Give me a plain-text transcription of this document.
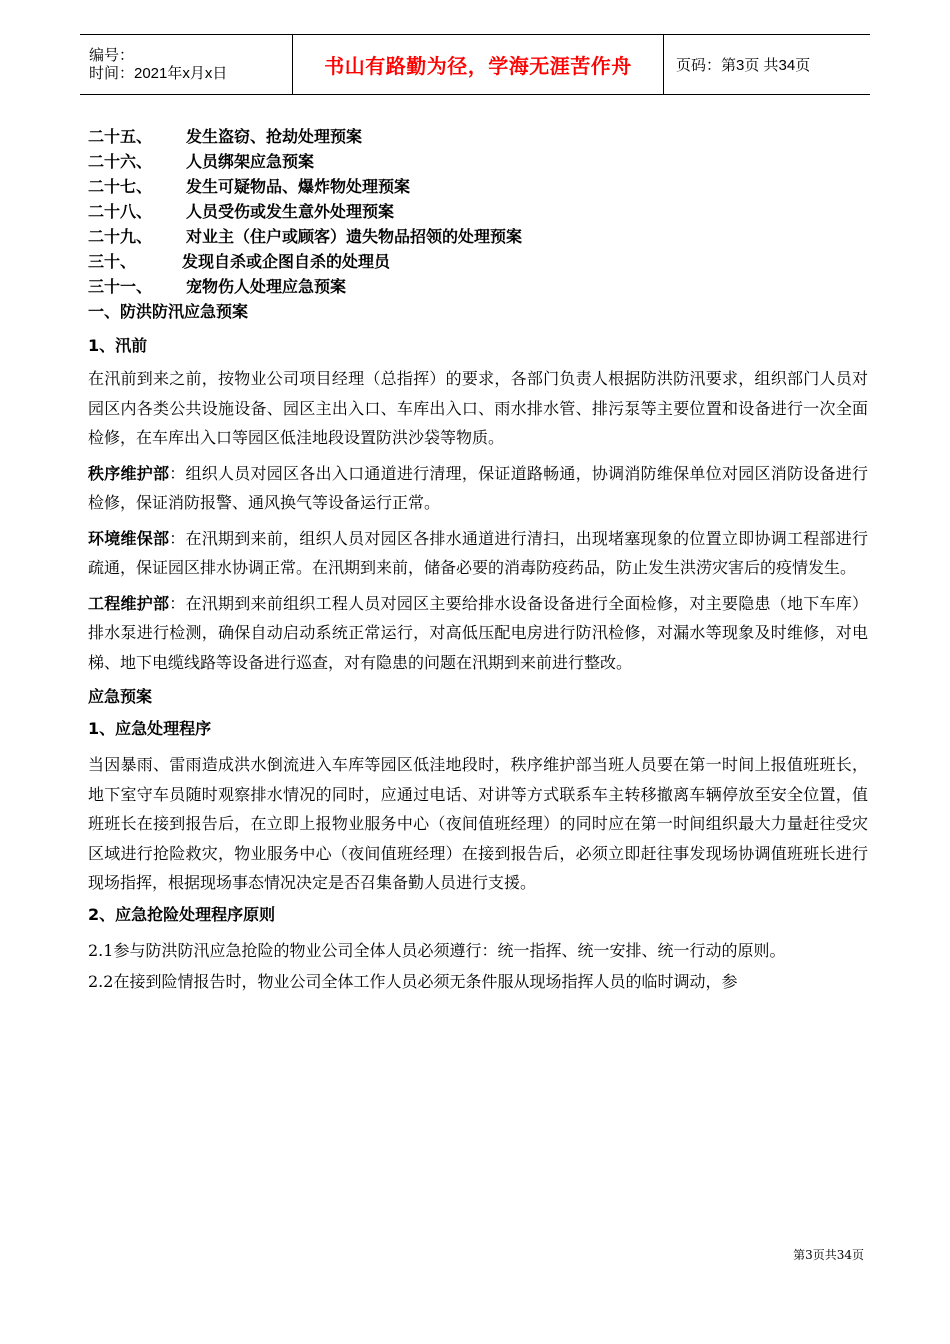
编号：
时间：2021年x月x日	书山有路勤为径，学海无涯苦作舟	页码：第3页 共34页
二十五、 发生盗窃、抢劫处理预案
二十六、 人员绑架应急预案
二十七、 发生可疑物品、爆炸物处理预案
二十八、 人员受伤或发生意外处理预案
二十九、 对业主（住户或顾客）遗失物品招领的处理预案
三十、	发现自杀或企图自杀的处理员
三十一、 宠物伤人处理应急预案
一、防洪防汛应急预案
1、汛前
在汛前到来之前，按物业公司项目经理（总指挥）的要求，各部门负责人根据防洪防汛要求，组织部门人员对园区内各类公共设施设备、园区主出入口、车库出入口、雨水排水管、排污泵等主要位置和设备进行一次全面检修，在车库出入口等园区低洼地段设置防洪沙袋等物质。
秩序维护部：组织人员对园区各出入口通道进行清理，保证道路畅通，协调消防维保单位对园区消防设备进行检修，保证消防报警、通风换气等设备运行正常。
环境维保部：在汛期到来前，组织人员对园区各排水通道进行清扫，出现堵塞现象的位置立即协调工程部进行疏通，保证园区排水协调正常。在汛期到来前，储备必要的消毒防疫药品，防止发生洪涝灾害后的疫情发生。
工程维护部：在汛期到来前组织工程人员对园区主要给排水设备设备进行全面检修，对主要隐患（地下车库）排水泵进行检测，确保自动启动系统正常运行，对高低压配电房进行防汛检修，对漏水等现象及时维修，对电梯、地下电缆线路等设备进行巡查，对有隐患的问题在汛期到来前进行整改。
应急预案
1、应急处理程序
当因暴雨、雷雨造成洪水倒流进入车库等园区低洼地段时，秩序维护部当班人员要在第一时间上报值班班长，地下室守车员随时观察排水情况的同时，应通过电话、对讲等方式联系车主转移撤离车辆停放至安全位置，值班班长在接到报告后，在立即上报物业服务中心（夜间值班经理）的同时应在第一时间组织最大力量赶往受灾区域进行抢险救灾，物业服务中心（夜间值班经理）在接到报告后，必须立即赶往事发现场协调值班班长进行现场指挥，根据现场事态情况决定是否召集备勤人员进行支援。
2、应急抢险处理程序原则
2.1参与防洪防汛应急抢险的物业公司全体人员必须遵行：统一指挥、统一安排、统一行动的原则。
2.2在接到险情报告时，物业公司全体工作人员必须无条件服从现场指挥人员的临时调动，参
第3页共34页
